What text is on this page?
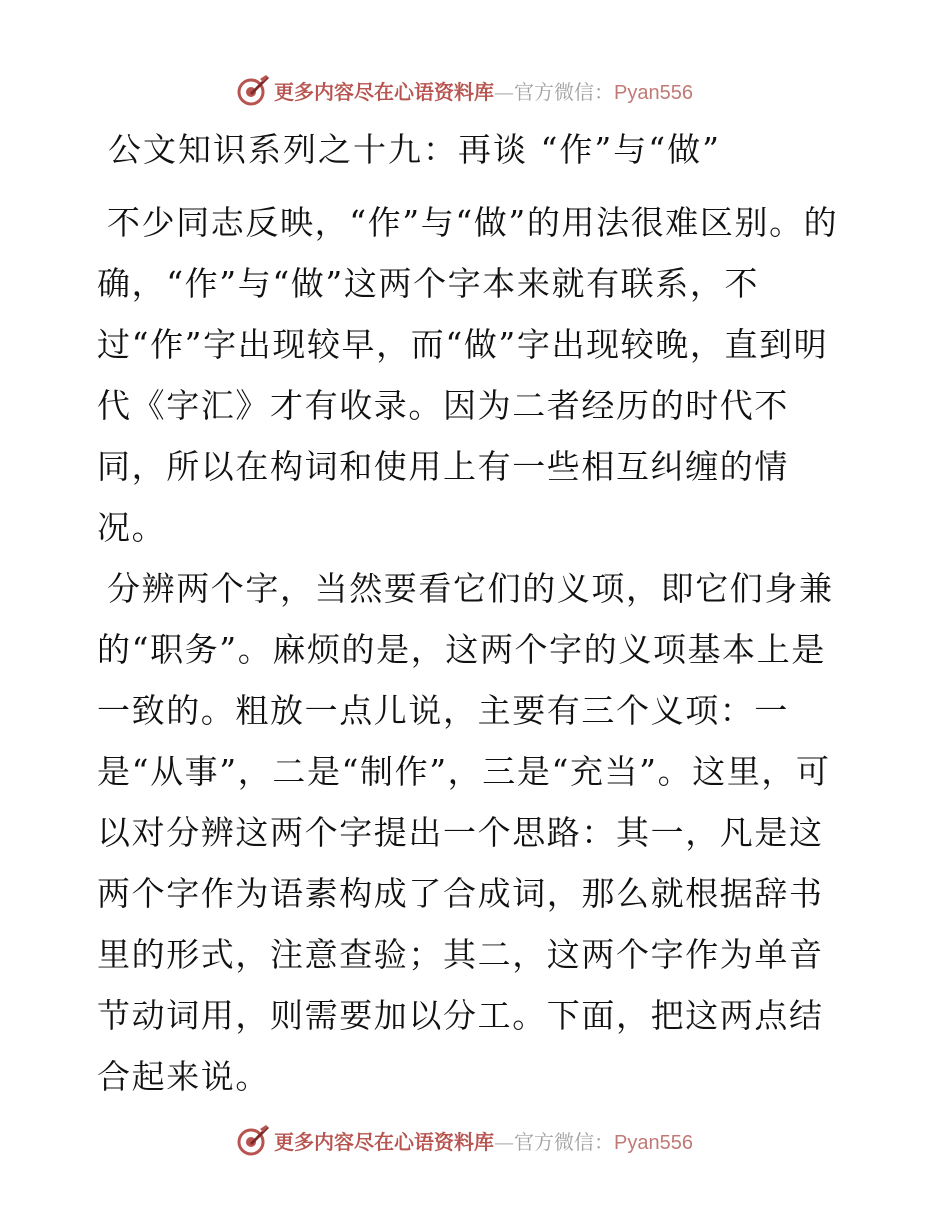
更多内容尽在心语资料库—官方微信：Pyan556
公文知识系列之十九：再谈 “作”与“做”
不少同志反映，“作”与“做”的用法很难区别。的确，“作”与“做”这两个字本来就有联系，不过“作”字出现较早，而“做”字出现较晚，直到明代《字汇》才有收录。因为二者经历的时代不同，所以在构词和使用上有一些相互纠缠的情况。
分辨两个字，当然要看它们的义项，即它们身兼的“职务”。麻烦的是，这两个字的义项基本上是一致的。粗放一点儿说，主要有三个义项：一是“从事”，二是“制作”，三是“充当”。这里，可以对分辨这两个字提出一个思路：其一，凡是这两个字作为语素构成了合成词，那么就根据辞书里的形式，注意查验；其二，这两个字作为单音节动词用，则需要加以分工。下面，把这两点结合起来说。
更多内容尽在心语资料库—官方微信：Pyan556
